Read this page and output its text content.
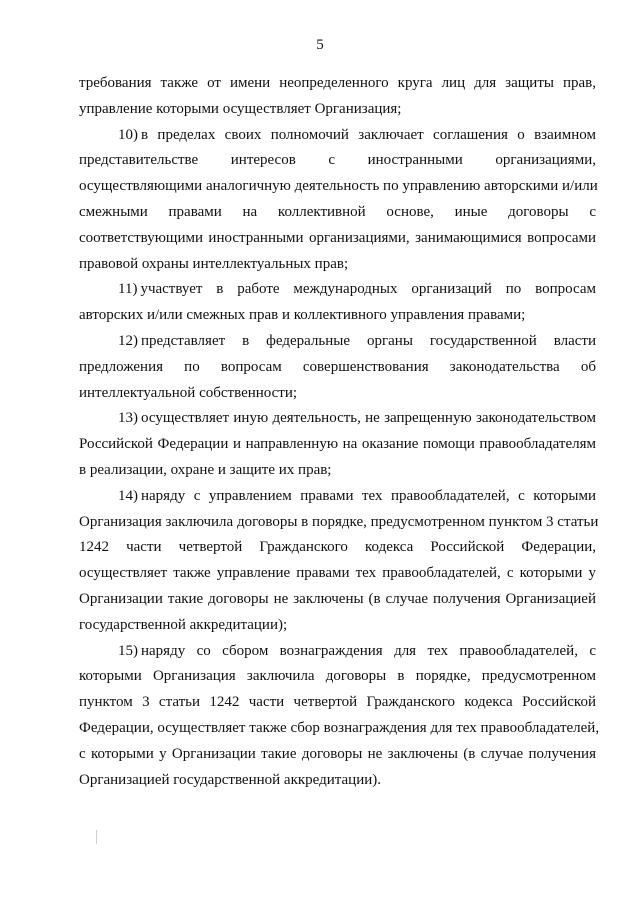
5
требования также от имени неопределенного круга лиц для защиты прав,
управление которыми осуществляет Организация;
10) в пределах своих полномочий заключает соглашения о взаимном
представительстве интересов с иностранными организациями,
осуществляющими аналогичную деятельность по управлению авторскими и/или
смежными правами на коллективной основе, иные договоры с
соответствующими иностранными организациями, занимающимися вопросами
правовой охраны интеллектуальных прав;
11) участвует в работе международных организаций по вопросам
авторских и/или смежных прав и коллективного управления правами;
12) представляет в федеральные органы государственной власти
предложения по вопросам совершенствования законодательства об
интеллектуальной собственности;
13) осуществляет иную деятельность, не запрещенную законодательством
Российской Федерации и направленную на оказание помощи правообладателям
в реализации, охране и защите их прав;
14) наряду с управлением правами тех правообладателей, с которыми
Организация заключила договоры в порядке, предусмотренном пунктом 3 статьи
1242 части четвертой Гражданского кодекса Российской Федерации,
осуществляет также управление правами тех правообладателей, с которыми у
Организации такие договоры не заключены (в случае получения Организацией
государственной аккредитации);
15) наряду со сбором вознаграждения для тех правообладателей, с
которыми Организация заключила договоры в порядке, предусмотренном
пунктом 3 статьи 1242 части четвертой Гражданского кодекса Российской
Федерации, осуществляет также сбор вознаграждения для тех правообладателей,
с которыми у Организации такие договоры не заключены (в случае получения
Организацией государственной аккредитации).
